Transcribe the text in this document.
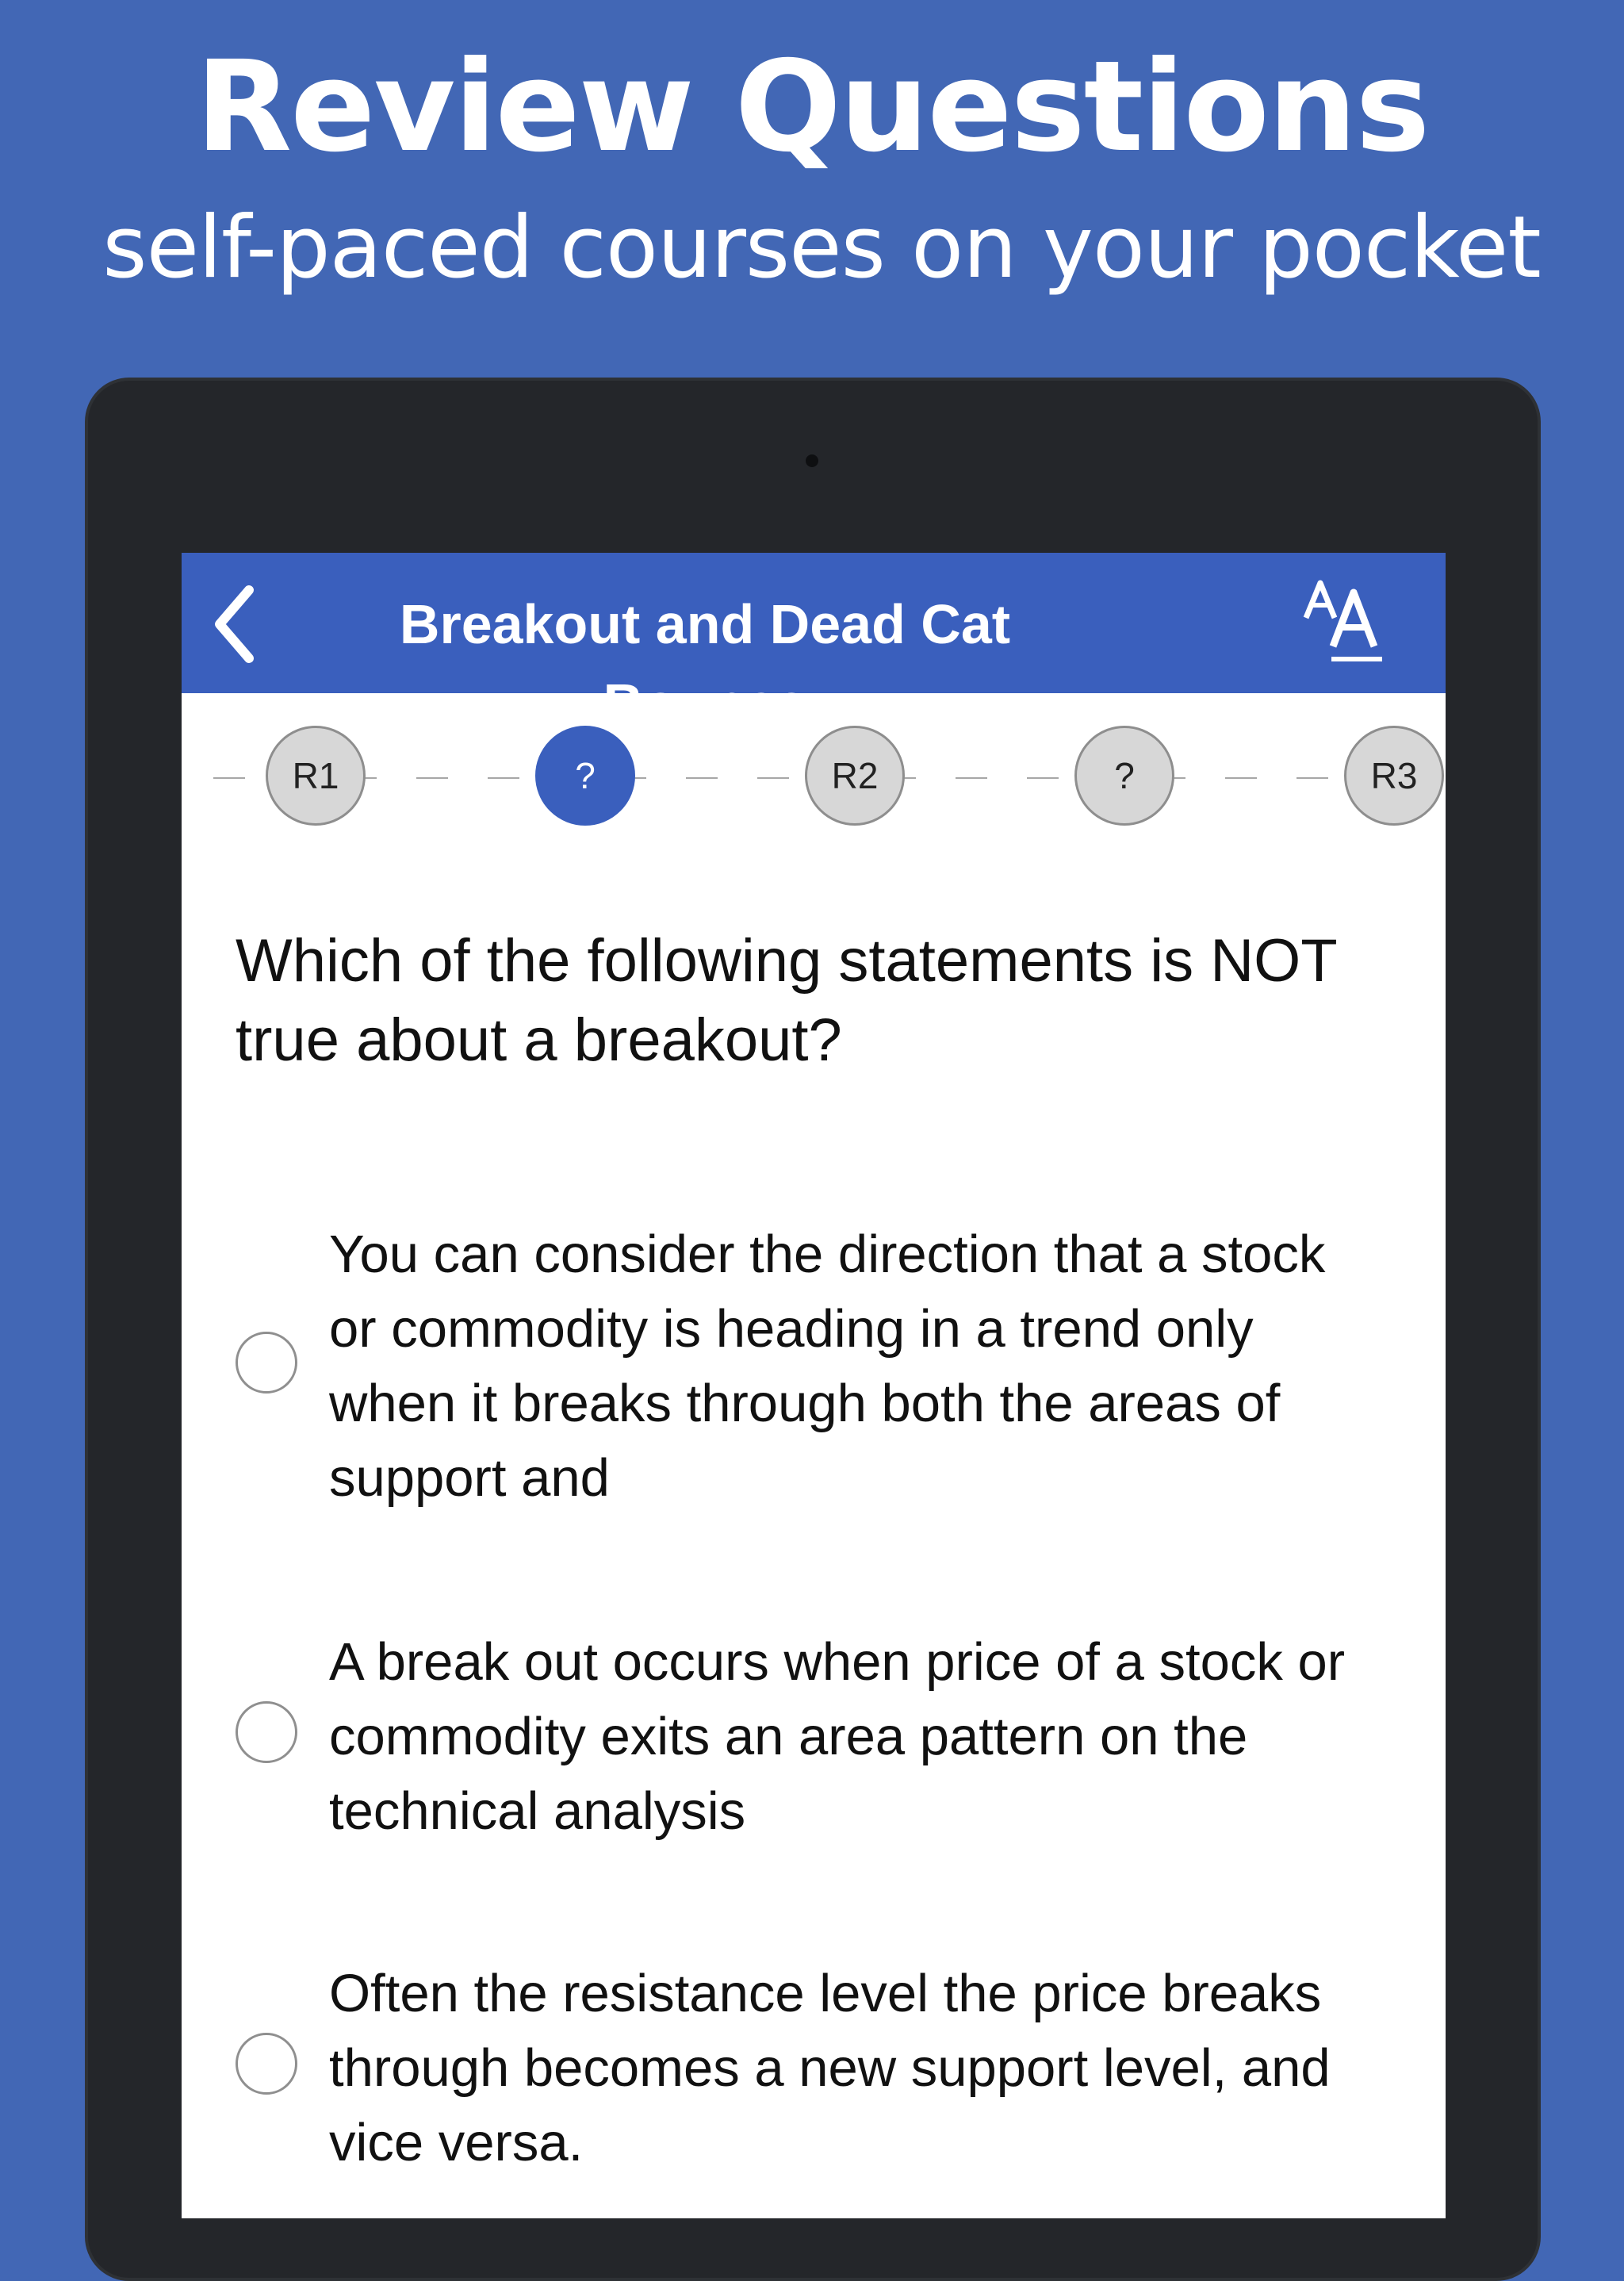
Review Questions
self-paced courses on your pocket
Breakout and Dead Cat Bounce
R1	?	R2	?	R3
Which of the following statements is NOT true about a breakout?
You can consider the direction that a stock or commodity is heading in a trend only when it breaks through both the areas of support and
A break out occurs when price of a stock or commodity exits an area pattern on the technical analysis
Often the resistance level the price breaks through becomes a new support level, and vice versa.
